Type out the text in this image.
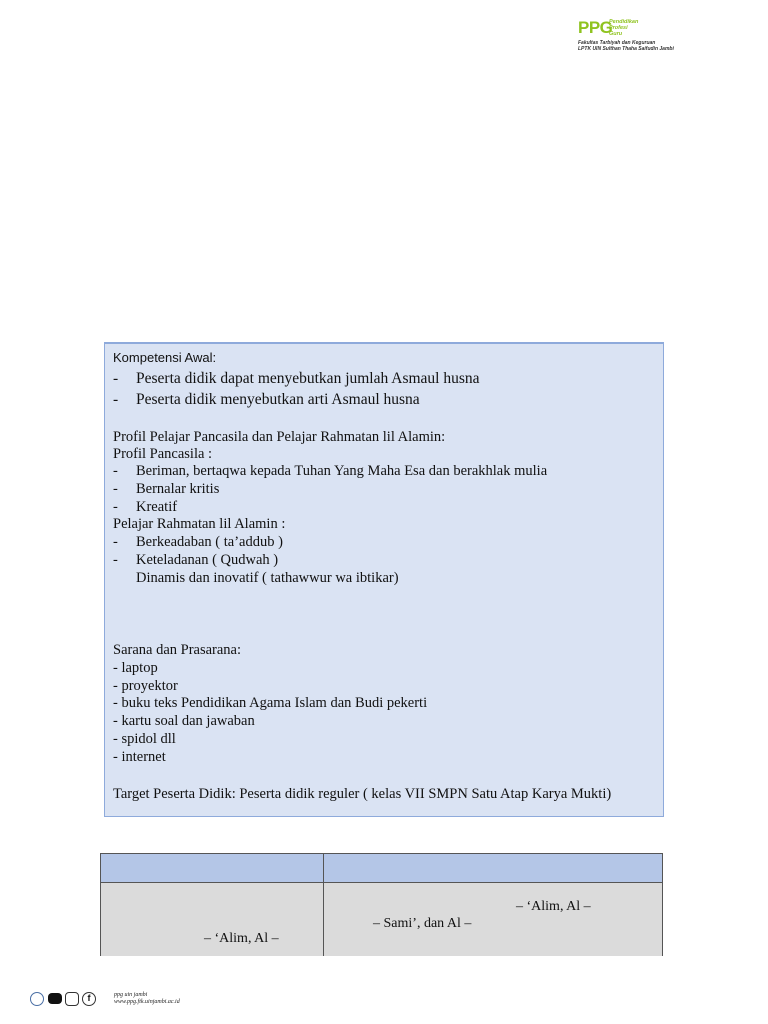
PPG
Pendidikan
Profesi
Guru
Fakultas Tarbiyah dan Keguruan
LPTK UIN Sulthan Thaha Saifudin Jambi
Kompetensi Awal:
- Peserta didik dapat menyebutkan jumlah Asmaul husna
- Peserta didik menyebutkan arti Asmaul husna
Profil Pelajar Pancasila dan Pelajar Rahmatan lil Alamin:
Profil Pancasila :
- Beriman, bertaqwa kepada Tuhan Yang Maha Esa dan berakhlak mulia
- Bernalar kritis
- Kreatif
Pelajar Rahmatan lil Alamin :
- Berkeadaban ( ta’addub )
- Keteladanan ( Qudwah )
Dinamis dan inovatif ( tathawwur wa ibtikar)
Sarana dan Prasarana:
- laptop
- proyektor
- buku teks Pendidikan Agama Islam dan Budi pekerti
- kartu soal dan jawaban
- spidol dll
- internet
Target Peserta Didik: Peserta didik reguler ( kelas VII SMPN Satu Atap Karya Mukti)
– ‘Alim, Al –
– ‘Alim, Al –
– Sami’, dan Al –
f	ppg uin jambi
www.ppg.ftk.uinjambi.ac.id
